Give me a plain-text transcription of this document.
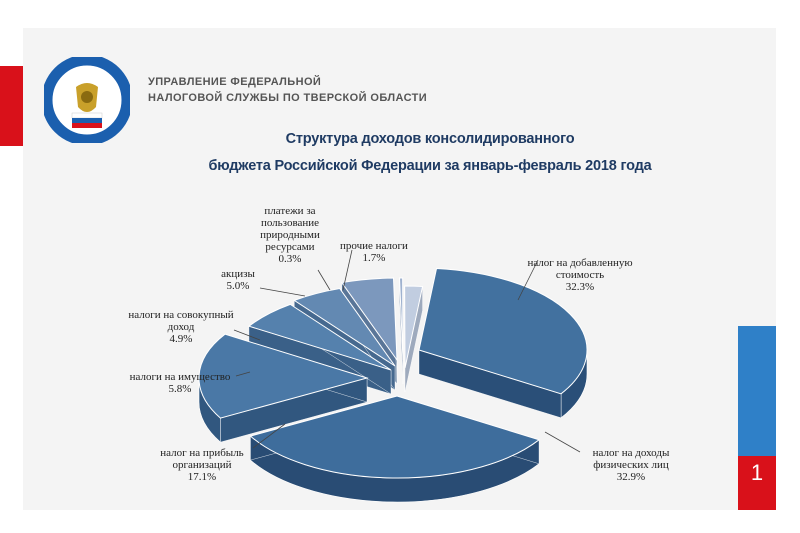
УПРАВЛЕНИЕ ФЕДЕРАЛЬНОЙ
НАЛОГОВОЙ СЛУЖБЫ ПО ТВЕРСКОЙ ОБЛАСТИ
Структура доходов консолидированного
бюджета Российской Федерации за январь-февраль 2018 года
1
налог на добавленную стоимость 32.3%
налог на доходы физических лиц 32.9%
налог на прибыль организаций 17.1%
налоги на имущество 5.8%
налоги на совокупный доход 4.9%
акцизы 5.0%
платежи за пользование природными ресурсами 0.3%
прочие налоги 1.7%
